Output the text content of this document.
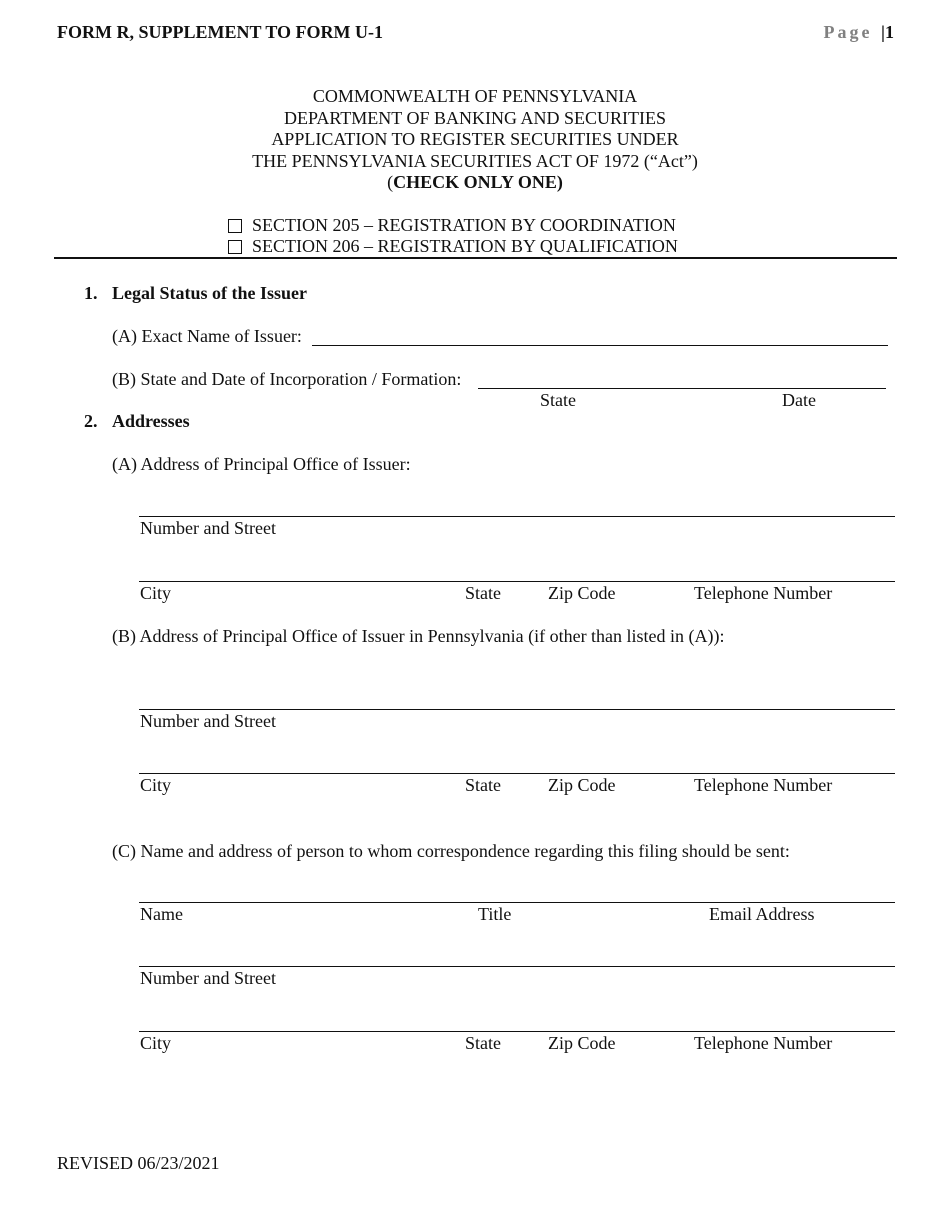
FORM R, SUPPLEMENT TO FORM U-1	Page |1
COMMONWEALTH OF PENNSYLVANIA
DEPARTMENT OF BANKING AND SECURITIES
APPLICATION TO REGISTER SECURITIES UNDER
THE PENNSYLVANIA SECURITIES ACT OF 1972 (“Act”)
(CHECK ONLY ONE)
SECTION 205 – REGISTRATION BY COORDINATION
SECTION 206 – REGISTRATION BY QUALIFICATION
1. Legal Status of the Issuer
(A) Exact Name of Issuer:
(B) State and Date of Incorporation / Formation:
State	Date
2. Addresses
(A) Address of Principal Office of Issuer:
Number and Street
City	State	Zip Code	Telephone Number
(B) Address of Principal Office of Issuer in Pennsylvania (if other than listed in (A)):
Number and Street
City	State	Zip Code	Telephone Number
(C) Name and address of person to whom correspondence regarding this filing should be sent:
Name	Title	Email Address
Number and Street
City	State	Zip Code	Telephone Number
REVISED 06/23/2021
